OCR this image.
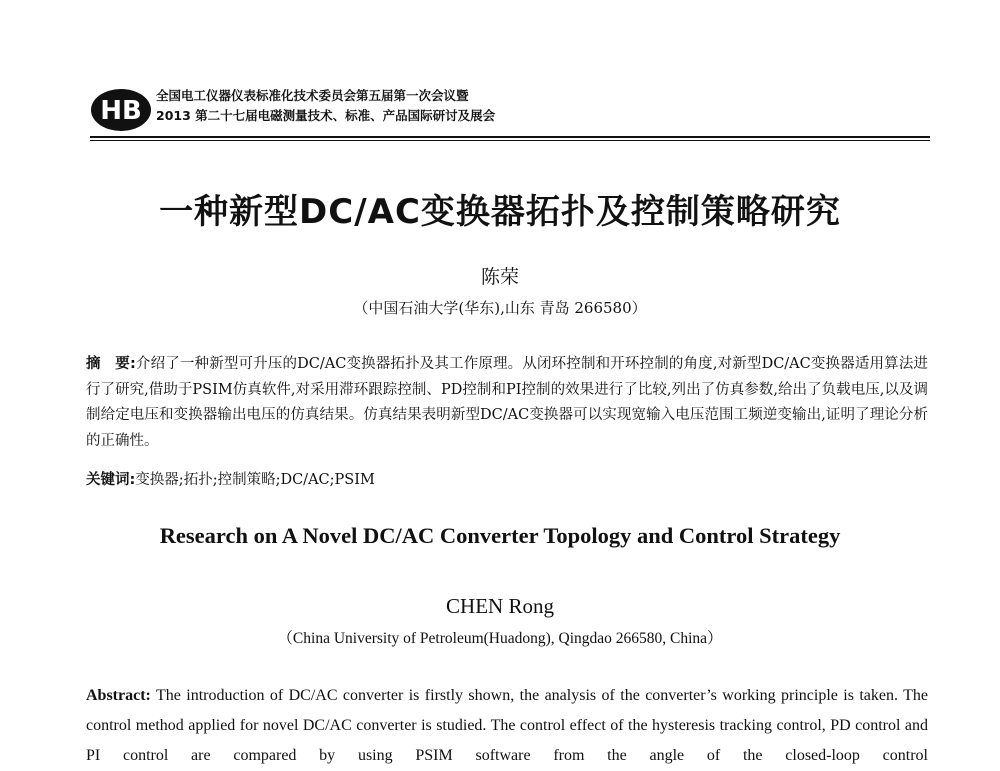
HB
全国电工仪器仪表标准化技术委员会第五届第一次会议暨
2013 第二十七届电磁测量技术、标准、产品国际研讨及展会
一种新型DC/AC变换器拓扑及控制策略研究
陈荣
（中国石油大学(华东),山东 青岛 266580）
摘　要:介绍了一种新型可升压的DC/AC变换器拓扑及其工作原理。从闭环控制和开环控制的角度,对新型DC/AC变换器适用算法进行了研究,借助于PSIM仿真软件,对采用滞环跟踪控制、PD控制和PI控制的效果进行了比较,列出了仿真参数,给出了负载电压,以及调制给定电压和变换器输出电压的仿真结果。仿真结果表明新型DC/AC变换器可以实现宽输入电压范围工频逆变输出,证明了理论分析的正确性。
关键词:变换器;拓扑;控制策略;DC/AC;PSIM
Research on A Novel DC/AC Converter Topology and Control Strategy
CHEN Rong
（China University of Petroleum(Huadong), Qingdao 266580, China）
Abstract: The introduction of DC/AC converter is firstly shown, the analysis of the converter’s working principle is taken. The control method applied for novel DC/AC converter is studied. The control effect of the hysteresis tracking control, PD control and PI control are compared by using PSIM software from the angle of the closed-loop control
